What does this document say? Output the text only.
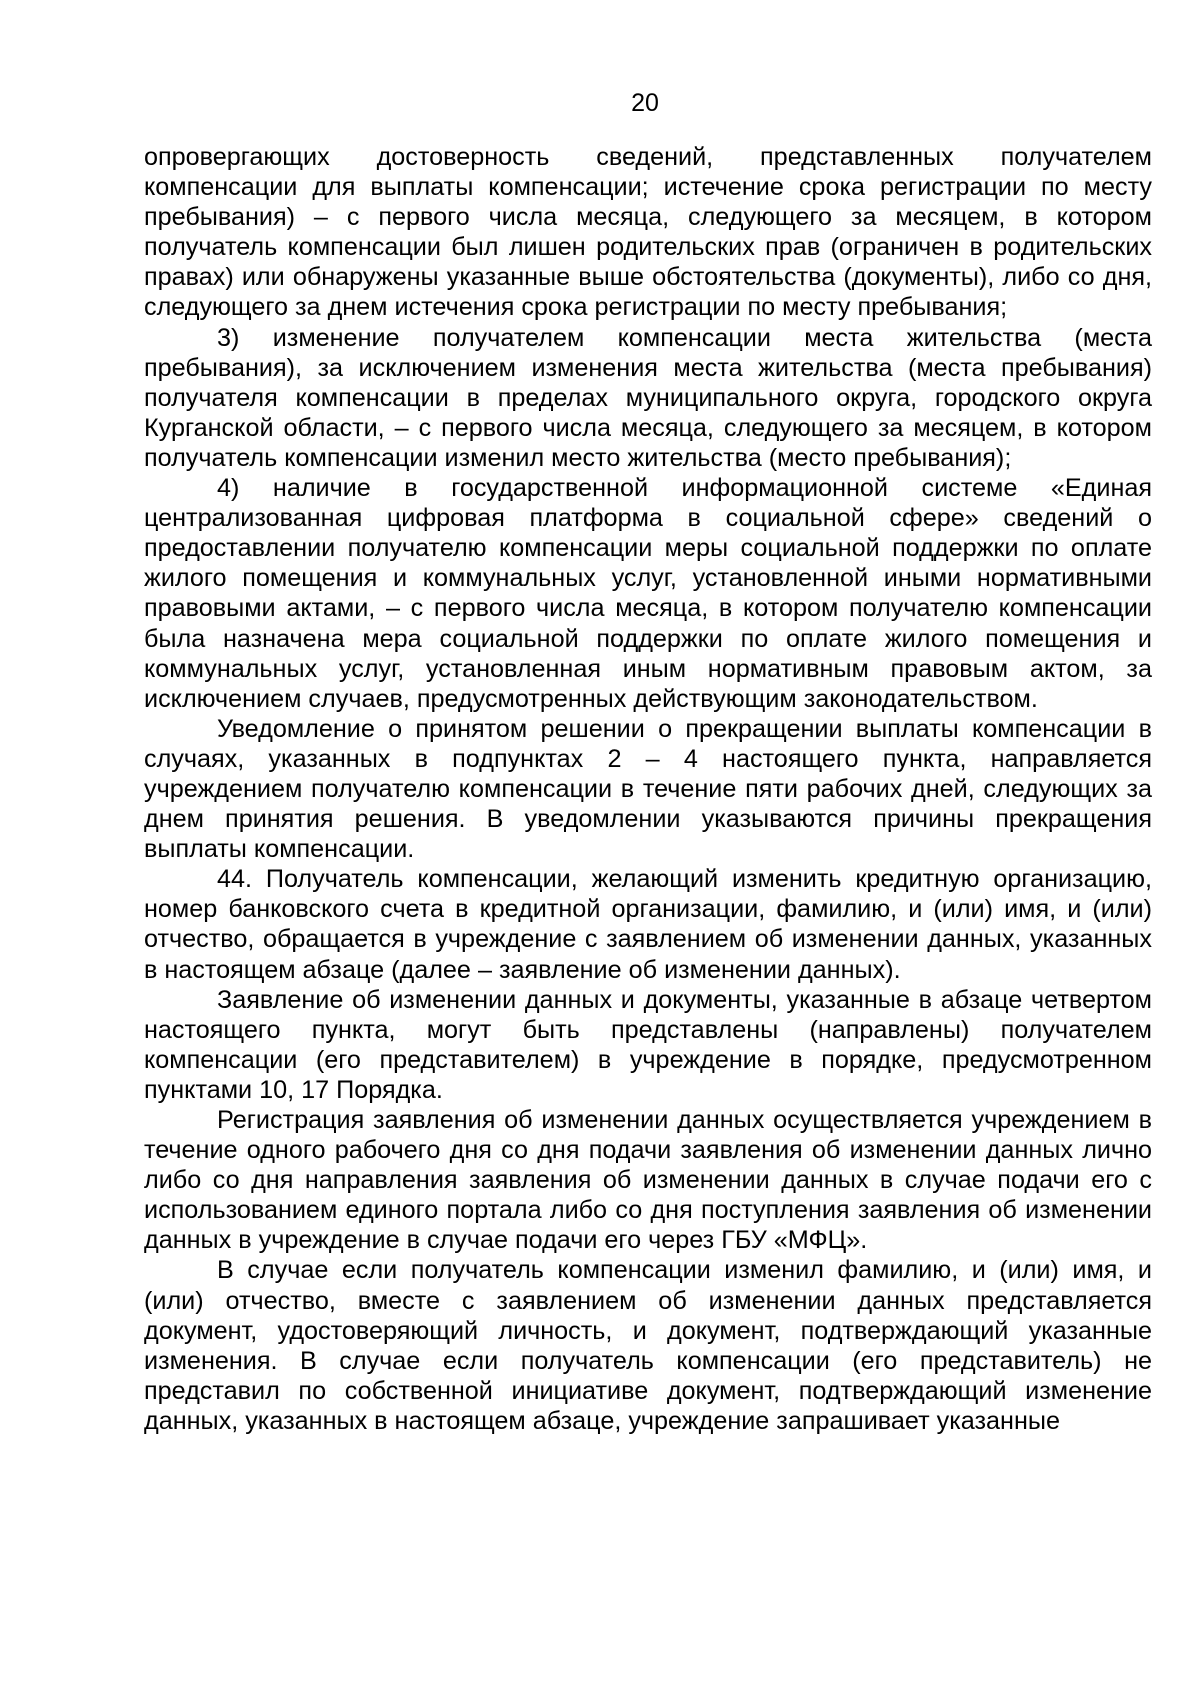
20

опровергающих достоверность сведений, представленных получателем компенсации для выплаты компенсации; истечение срока регистрации по месту пребывания) – с первого числа месяца, следующего за месяцем, в котором получатель компенсации был лишен родительских прав (ограничен в родительских правах) или обнаружены указанные выше обстоятельства (документы), либо со дня, следующего за днем истечения срока регистрации по месту пребывания;

3) изменение получателем компенсации места жительства (места пребывания), за исключением изменения места жительства (места пребывания) получателя компенсации в пределах муниципального округа, городского округа Курганской области, – с первого числа месяца, следующего за месяцем, в котором получатель компенсации изменил место жительства (место пребывания);

4) наличие в государственной информационной системе «Единая централизованная цифровая платформа в социальной сфере» сведений о предоставлении получателю компенсации меры социальной поддержки по оплате жилого помещения и коммунальных услуг, установленной иными нормативными правовыми актами, – с первого числа месяца, в котором получателю компенсации была назначена мера социальной поддержки по оплате жилого помещения и коммунальных услуг, установленная иным нормативным правовым актом, за исключением случаев, предусмотренных действующим законодательством.

Уведомление о принятом решении о прекращении выплаты компенсации в случаях, указанных в подпунктах 2 – 4 настоящего пункта, направляется учреждением получателю компенсации в течение пяти рабочих дней, следующих за днем принятия решения. В уведомлении указываются причины прекращения выплаты компенсации.

44. Получатель компенсации, желающий изменить кредитную организацию, номер банковского счета в кредитной организации, фамилию, и (или) имя, и (или) отчество, обращается в учреждение с заявлением об изменении данных, указанных в настоящем абзаце (далее – заявление об изменении данных).

Заявление об изменении данных и документы, указанные в абзаце четвертом настоящего пункта, могут быть представлены (направлены) получателем компенсации (его представителем) в учреждение в порядке, предусмотренном пунктами 10, 17 Порядка.

Регистрация заявления об изменении данных осуществляется учреждением в течение одного рабочего дня со дня подачи заявления об изменении данных лично либо со дня направления заявления об изменении данных в случае подачи его с использованием единого портала либо со дня поступления заявления об изменении данных в учреждение в случае подачи его через ГБУ «МФЦ».

В случае если получатель компенсации изменил фамилию, и (или) имя, и (или) отчество, вместе с заявлением об изменении данных представляется документ, удостоверяющий личность, и документ, подтверждающий указанные изменения. В случае если получатель компенсации (его представитель) не представил по собственной инициативе документ, подтверждающий изменение данных, указанных в настоящем абзаце, учреждение запрашивает указанные
